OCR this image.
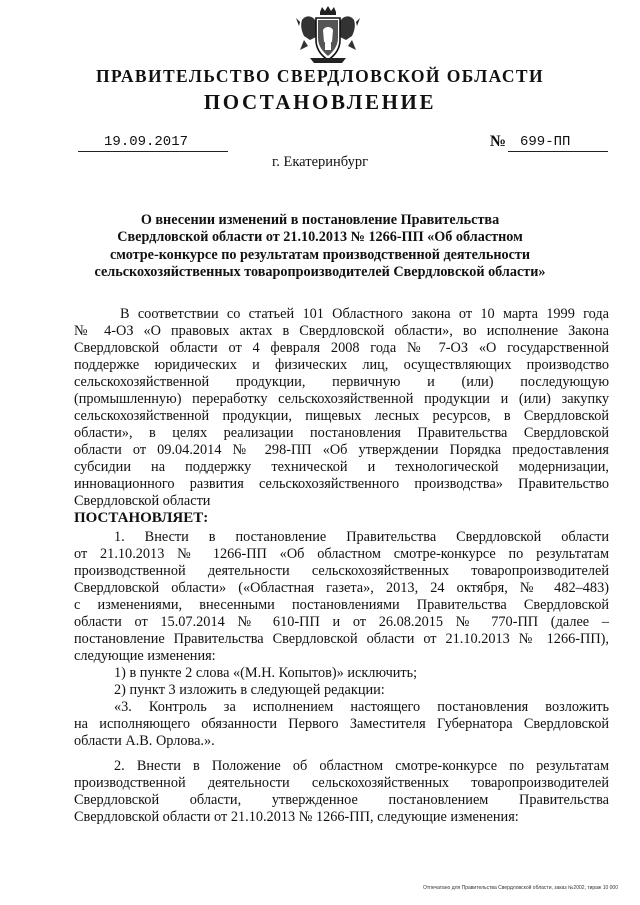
ПРАВИТЕЛЬСТВО СВЕРДЛОВСКОЙ ОБЛАСТИ
ПОСТАНОВЛЕНИЕ
19.09.2017	№ 699-ПП
г. Екатеринбург
О внесении изменений в постановление Правительства
Свердловской области от 21.10.2013 № 1266-ПП «Об областном
смотре-конкурсе по результатам производственной деятельности
сельскохозяйственных товаропроизводителей Свердловской области»
В соответствии со статьей 101 Областного закона от 10 марта 1999 года
№ 4-ОЗ «О правовых актах в Свердловской области», во исполнение Закона
Свердловской области от 4 февраля 2008 года № 7-ОЗ «О государственной
поддержке юридических и физических лиц, осуществляющих производство
сельскохозяйственной продукции, первичную и (или) последующую
(промышленную) переработку сельскохозяйственной продукции и (или) закупку
сельскохозяйственной продукции, пищевых лесных ресурсов, в Свердловской
области», в целях реализации постановления Правительства Свердловской
области от 09.04.2014 № 298-ПП «Об утверждении Порядка предоставления
субсидии на поддержку технической и технологической модернизации,
инновационного развития сельскохозяйственного производства» Правительство
Свердловской области
ПОСТАНОВЛЯЕТ:
1. Внести в постановление Правительства Свердловской области
от 21.10.2013 № 1266-ПП «Об областном смотре-конкурсе по результатам
производственной деятельности сельскохозяйственных товаропроизводителей
Свердловской области» («Областная газета», 2013, 24 октября, № 482–483)
с изменениями, внесенными постановлениями Правительства Свердловской
области от 15.07.2014 № 610-ПП и от 26.08.2015 № 770-ПП (далее –
постановление Правительства Свердловской области от 21.10.2013 № 1266-ПП),
следующие изменения:
1) в пункте 2 слова «(М.Н. Копытов)» исключить;
2) пункт 3 изложить в следующей редакции:
«3. Контроль за исполнением настоящего постановления возложить
на исполняющего обязанности Первого Заместителя Губернатора Свердловской
области А.В. Орлова.».
2. Внести в Положение об областном смотре-конкурсе по результатам
производственной деятельности сельскохозяйственных товаропроизводителей
Свердловской области, утвержденное постановлением Правительства
Свердловской области от 21.10.2013 № 1266-ПП, следующие изменения:
Отпечатано для Правительства Свердловской области, заказ №2002, тираж 10 000
